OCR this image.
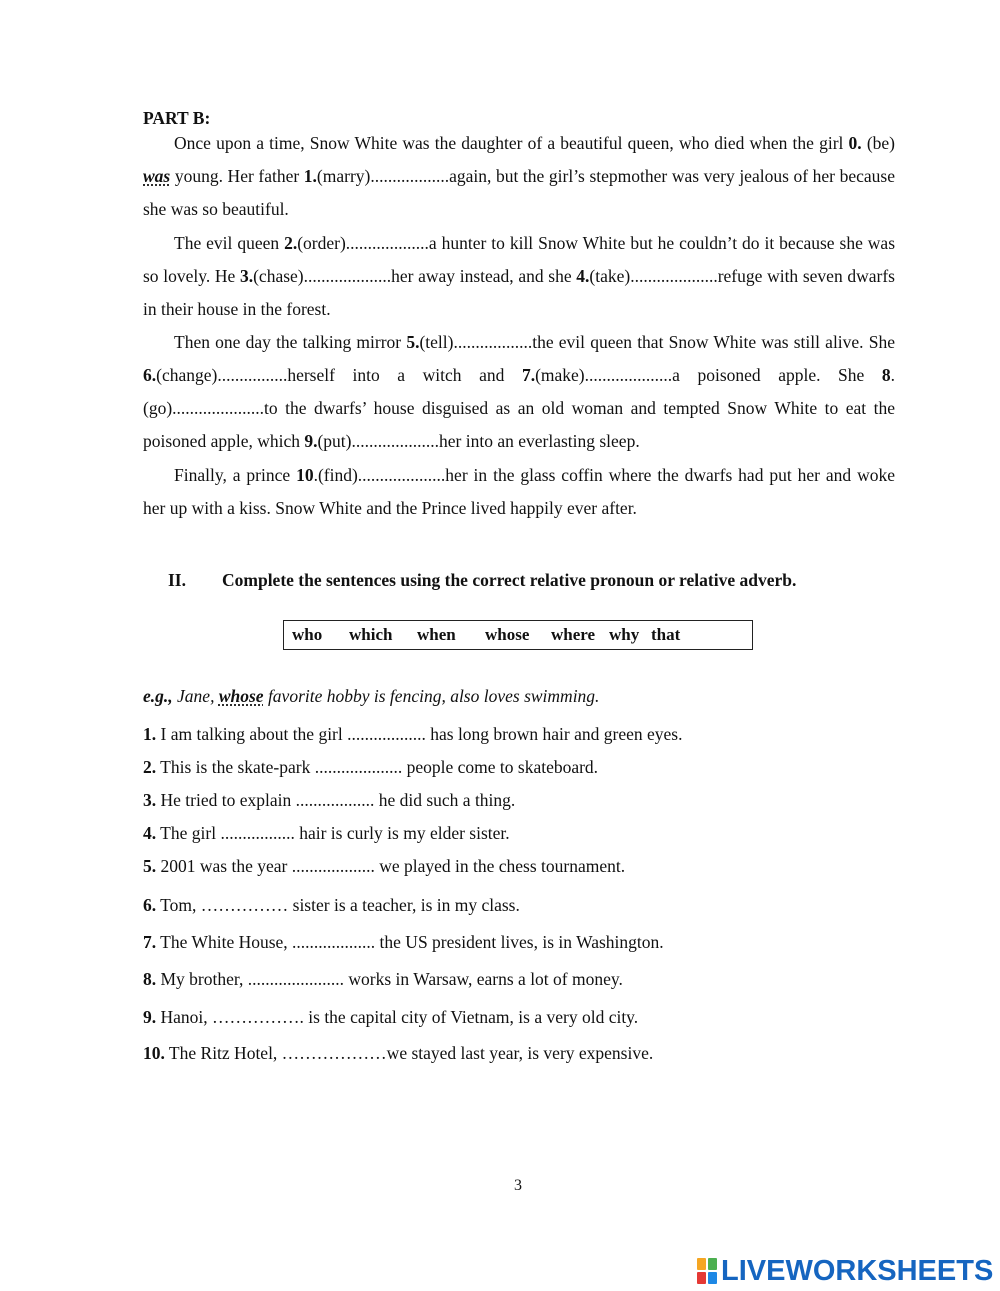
PART B:
Once upon a time, Snow White was the daughter of a beautiful queen, who died when the girl 0. (be) was young. Her father 1.(marry)..................again, but the girl’s stepmother was very jealous of her because she was so beautiful.
The evil queen 2.(order)...................a hunter to kill Snow White but he couldn’t do it because she was so lovely. He 3.(chase)....................her away instead, and she 4.(take)....................refuge with seven dwarfs in their house in the forest.
Then one day the talking mirror 5.(tell)..................the evil queen that Snow White was still alive. She 6.(change)................herself into a witch and 7.(make)....................a poisoned apple. She 8.(go).....................to the dwarfs’ house disguised as an old woman and tempted Snow White to eat the poisoned apple, which 9.(put)....................her into an everlasting sleep.
Finally, a prince 10.(find)....................her in the glass coffin where the dwarfs had put her and woke her up with a kiss. Snow White and the Prince lived happily ever after.
II. Complete the sentences using the correct relative pronoun or relative adverb.
who which when whose where why that
e.g., Jane, whose favorite hobby is fencing, also loves swimming.
1. I am talking about the girl .................. has long brown hair and green eyes.
2. This is the skate-park .................... people come to skateboard.
3. He tried to explain .................. he did such a thing.
4. The girl ................. hair is curly is my elder sister.
5. 2001 was the year ................... we played in the chess tournament.
6. Tom, …………… sister is a teacher, is in my class.
7. The White House, ................... the US president lives, is in Washington.
8. My brother, ...................... works in Warsaw, earns a lot of money.
9. Hanoi, ……………. is the capital city of Vietnam, is a very old city.
10. The Ritz Hotel, ………………we stayed last year, is very expensive.
3
LIVEWORKSHEETS
